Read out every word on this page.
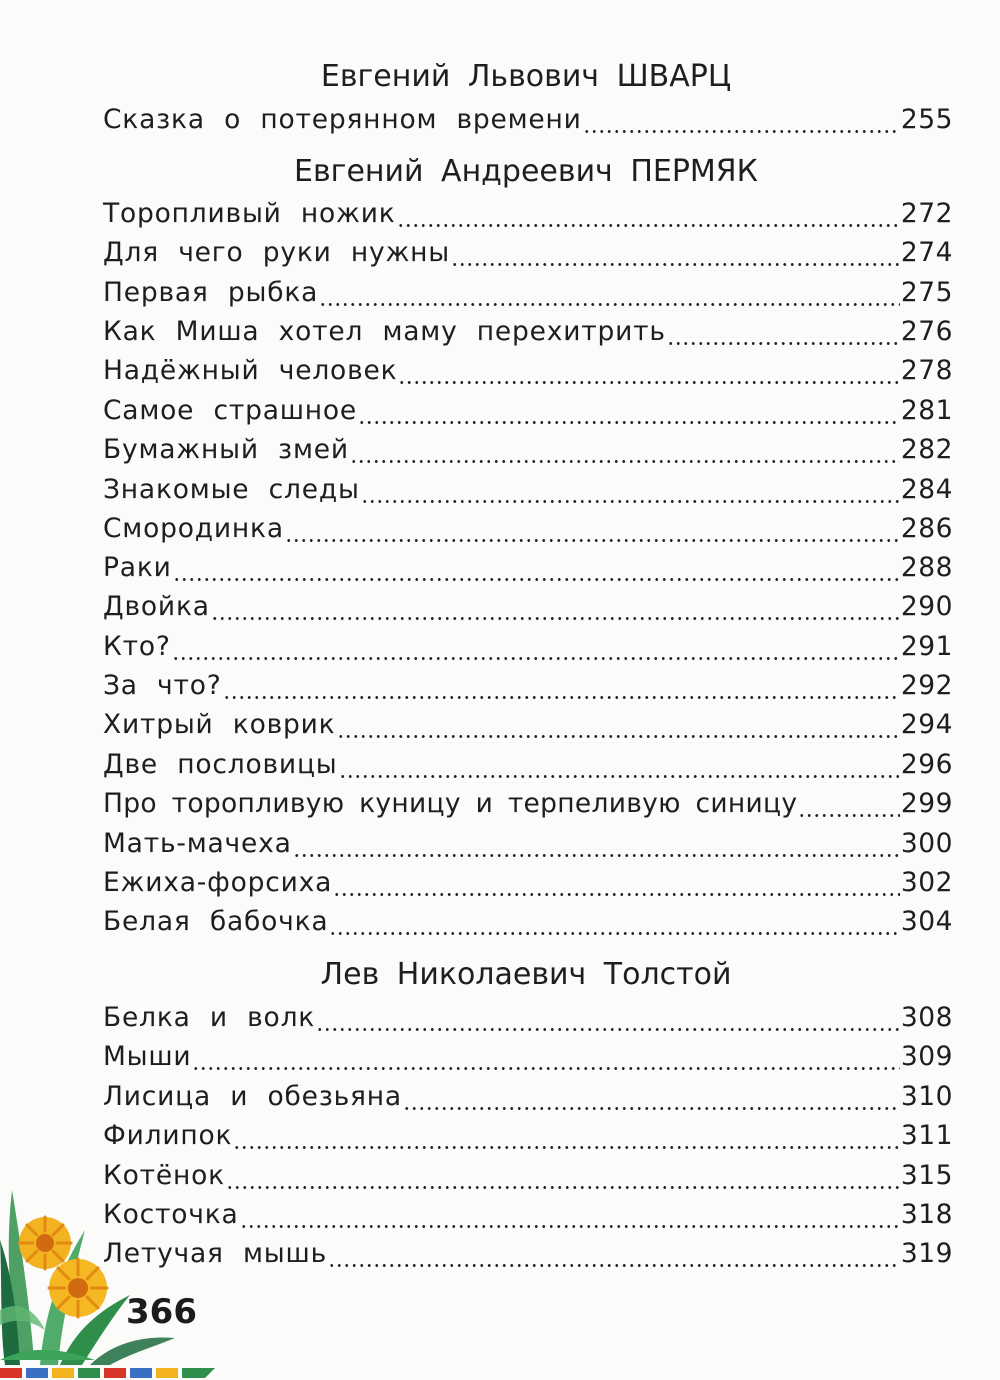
Евгений Львович ШВАРЦ
Сказка о потерянном времени	255
Евгений Андреевич ПЕРМЯК
Торопливый ножик	272
Для чего руки нужны	274
Первая рыбка	275
Как Миша хотел маму перехитрить	276
Надёжный человек	278
Самое страшное	281
Бумажный змей	282
Знакомые следы	284
Смородинка	286
Раки	288
Двойка	290
Кто?	291
За что?	292
Хитрый коврик	294
Две пословицы	296
Про торопливую куницу и терпеливую синицу	299
Мать-мачеха	300
Ежиха-форсиха	302
Белая бабочка	304
Лев Николаевич Толстой
Белка и волк	308
Мыши	309
Лисица и обезьяна	310
Филипок	311
Котёнок	315
Косточка	318
Летучая мышь	319
366
